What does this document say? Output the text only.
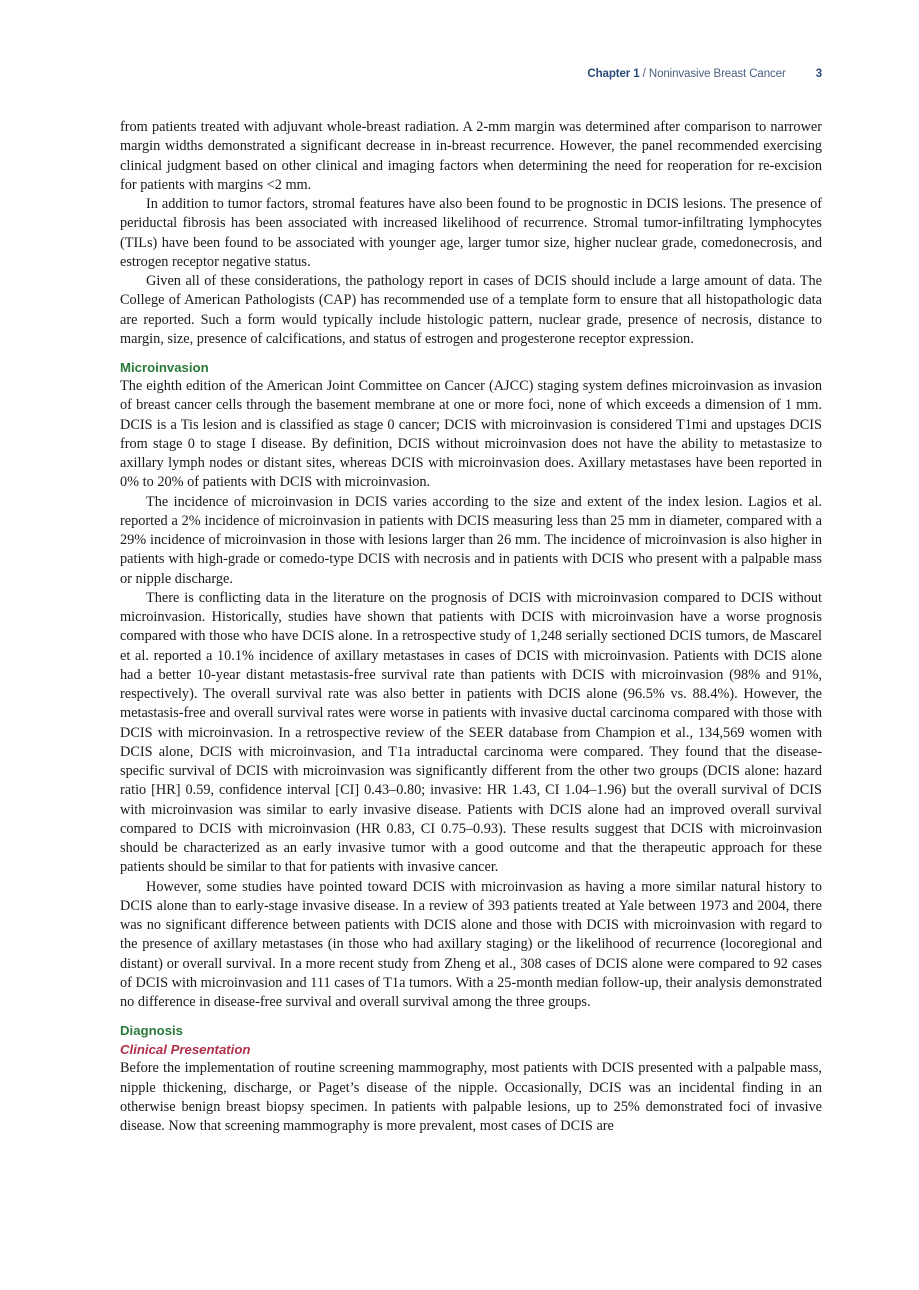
Chapter 1 / Noninvasive Breast Cancer	3

from patients treated with adjuvant whole-breast radiation. A 2-mm margin was determined after comparison to narrower margin widths demonstrated a significant decrease in in-breast recurrence. However, the panel recommended exercising clinical judgment based on other clinical and imaging factors when determining the need for reoperation for re-excision for patients with margins <2 mm.

In addition to tumor factors, stromal features have also been found to be prognostic in DCIS lesions. The presence of periductal fibrosis has been associated with increased likelihood of recurrence. Stromal tumor-infiltrating lymphocytes (TILs) have been found to be associated with younger age, larger tumor size, higher nuclear grade, comedonecrosis, and estrogen receptor negative status.

Given all of these considerations, the pathology report in cases of DCIS should include a large amount of data. The College of American Pathologists (CAP) has recommended use of a template form to ensure that all histopathologic data are reported. Such a form would typically include histologic pattern, nuclear grade, presence of necrosis, distance to margin, size, presence of calcifications, and status of estrogen and progesterone receptor expression.

Microinvasion

The eighth edition of the American Joint Committee on Cancer (AJCC) staging system defines microinvasion as invasion of breast cancer cells through the basement membrane at one or more foci, none of which exceeds a dimension of 1 mm. DCIS is a Tis lesion and is classified as stage 0 cancer; DCIS with microinvasion is considered T1mi and upstages DCIS from stage 0 to stage I disease. By definition, DCIS without microinvasion does not have the ability to metastasize to axillary lymph nodes or distant sites, whereas DCIS with microinvasion does. Axillary metastases have been reported in 0% to 20% of patients with DCIS with microinvasion.

The incidence of microinvasion in DCIS varies according to the size and extent of the index lesion. Lagios et al. reported a 2% incidence of microinvasion in patients with DCIS measuring less than 25 mm in diameter, compared with a 29% incidence of microinvasion in those with lesions larger than 26 mm. The incidence of microinvasion is also higher in patients with high-grade or comedo-type DCIS with necrosis and in patients with DCIS who present with a palpable mass or nipple discharge.

There is conflicting data in the literature on the prognosis of DCIS with microinvasion compared to DCIS without microinvasion. Historically, studies have shown that patients with DCIS with microinvasion have a worse prognosis compared with those who have DCIS alone. In a retrospective study of 1,248 serially sectioned DCIS tumors, de Mascarel et al. reported a 10.1% incidence of axillary metastases in cases of DCIS with microinvasion. Patients with DCIS alone had a better 10-year distant metastasis-free survival rate than patients with DCIS with microinvasion (98% and 91%, respectively). The overall survival rate was also better in patients with DCIS alone (96.5% vs. 88.4%). However, the metastasis-free and overall survival rates were worse in patients with invasive ductal carcinoma compared with those with DCIS with microinvasion. In a retrospective review of the SEER database from Champion et al., 134,569 women with DCIS alone, DCIS with microinvasion, and T1a intraductal carcinoma were compared. They found that the disease-specific survival of DCIS with microinvasion was significantly different from the other two groups (DCIS alone: hazard ratio [HR] 0.59, confidence interval [CI] 0.43–0.80; invasive: HR 1.43, CI 1.04–1.96) but the overall survival of DCIS with microinvasion was similar to early invasive disease. Patients with DCIS alone had an improved overall survival compared to DCIS with microinvasion (HR 0.83, CI 0.75–0.93). These results suggest that DCIS with microinvasion should be characterized as an early invasive tumor with a good outcome and that the therapeutic approach for these patients should be similar to that for patients with invasive cancer.

However, some studies have pointed toward DCIS with microinvasion as having a more similar natural history to DCIS alone than to early-stage invasive disease. In a review of 393 patients treated at Yale between 1973 and 2004, there was no significant difference between patients with DCIS alone and those with DCIS with microinvasion with regard to the presence of axillary metastases (in those who had axillary staging) or the likelihood of recurrence (locoregional and distant) or overall survival. In a more recent study from Zheng et al., 308 cases of DCIS alone were compared to 92 cases of DCIS with microinvasion and 111 cases of T1a tumors. With a 25-month median follow-up, their analysis demonstrated no difference in disease-free survival and overall survival among the three groups.

Diagnosis
Clinical Presentation

Before the implementation of routine screening mammography, most patients with DCIS presented with a palpable mass, nipple thickening, discharge, or Paget’s disease of the nipple. Occasionally, DCIS was an incidental finding in an otherwise benign breast biopsy specimen. In patients with palpable lesions, up to 25% demonstrated foci of invasive disease. Now that screening mammography is more prevalent, most cases of DCIS are
